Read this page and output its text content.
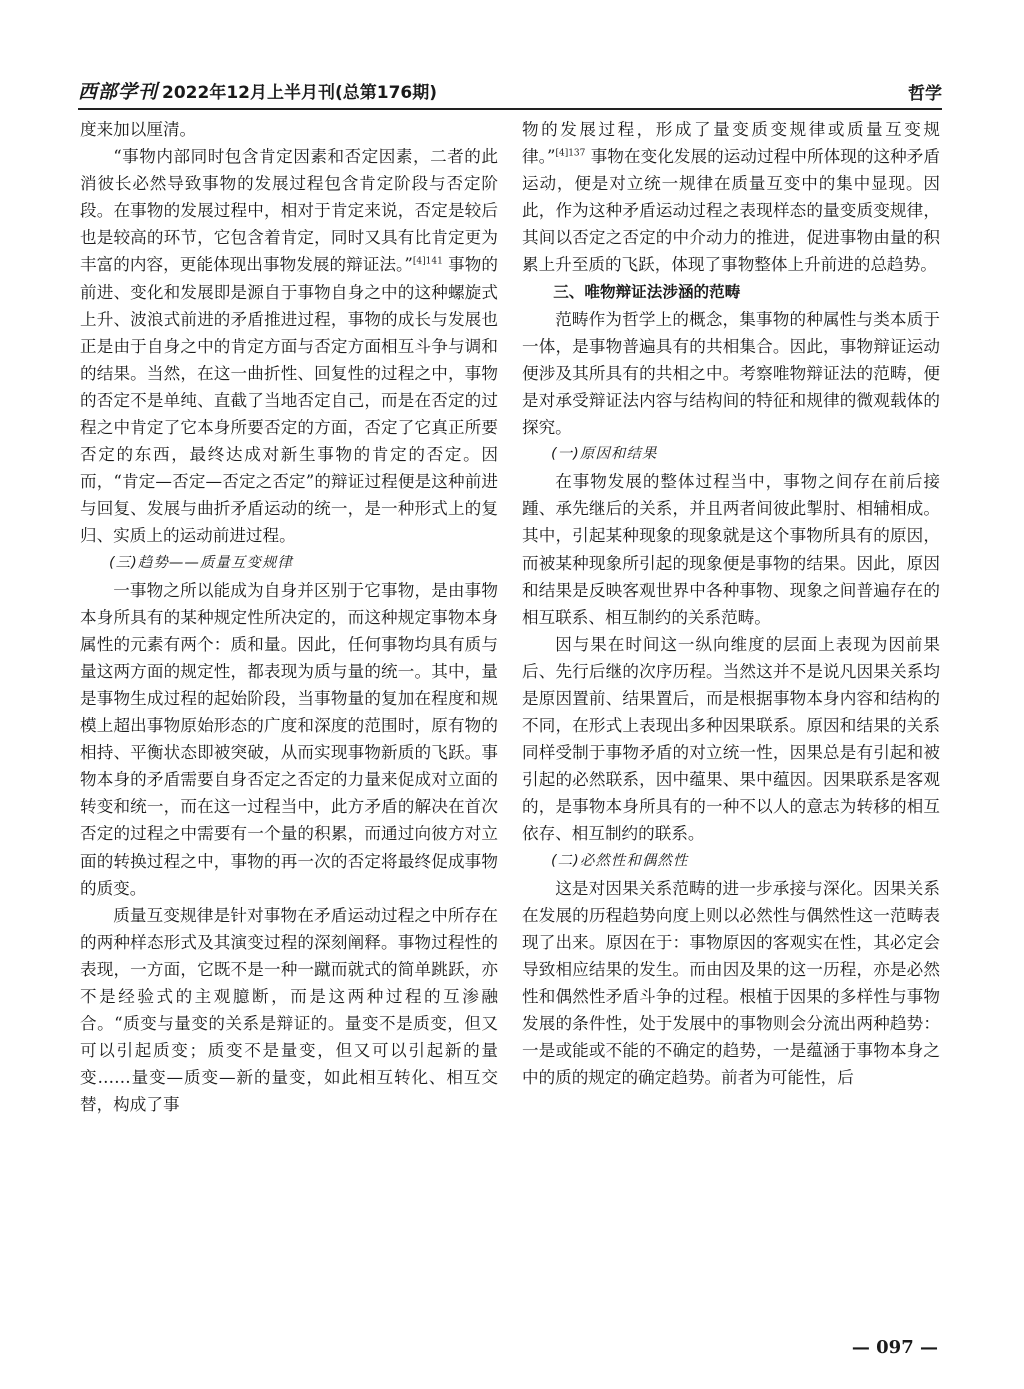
西部学刊 2022年12月上半月刊(总第176期)	哲学

度来加以厘清。

“事物内部同时包含肯定因素和否定因素，二者的此消彼长必然导致事物的发展过程包含肯定阶段与否定阶段。在事物的发展过程中，相对于肯定来说，否定是较后也是较高的环节，它包含着肯定，同时又具有比肯定更为丰富的内容，更能体现出事物发展的辩证法。”$^{[4]141}$ 事物的前进、变化和发展即是源自于事物自身之中的这种螺旋式上升、波浪式前进的矛盾推进过程，事物的成长与发展也正是由于自身之中的肯定方面与否定方面相互斗争与调和的结果。当然，在这一曲折性、回复性的过程之中，事物的否定不是单纯、直截了当地否定自己，而是在否定的过程之中肯定了它本身所要否定的方面，否定了它真正所要否定的东西，最终达成对新生事物的肯定的否定。因而，“肯定—否定—否定之否定”的辩证过程便是这种前进与回复、发展与曲折矛盾运动的统一，是一种形式上的复归、实质上的运动前进过程。

(三)趋势——质量互变规律

一事物之所以能成为自身并区别于它事物，是由事物本身所具有的某种规定性所决定的，而这种规定事物本身属性的元素有两个：质和量。因此，任何事物均具有质与量这两方面的规定性，都表现为质与量的统一。其中，量是事物生成过程的起始阶段，当事物量的复加在程度和规模上超出事物原始形态的广度和深度的范围时，原有物的相持、平衡状态即被突破，从而实现事物新质的飞跃。事物本身的矛盾需要自身否定之否定的力量来促成对立面的转变和统一，而在这一过程当中，此方矛盾的解决在首次否定的过程之中需要有一个量的积累，而通过向彼方对立面的转换过程之中，事物的再一次的否定将最终促成事物的质变。

质量互变规律是针对事物在矛盾运动过程之中所存在的两种样态形式及其演变过程的深刻阐释。事物过程性的表现，一方面，它既不是一种一蹴而就式的简单跳跃，亦不是经验式的主观臆断，而是这两种过程的互渗融合。“质变与量变的关系是辩证的。量变不是质变，但又可以引起质变；质变不是量变，但又可以引起新的量变……量变—质变—新的量变，如此相互转化、相互交替，构成了事

物的发展过程，形成了量变质变规律或质量互变规律。”$^{[4]137}$ 事物在变化发展的运动过程中所体现的这种矛盾运动，便是对立统一规律在质量互变中的集中显现。因此，作为这种矛盾运动过程之表现样态的量变质变规律，其间以否定之否定的中介动力的推进，促进事物由量的积累上升至质的飞跃，体现了事物整体上升前进的总趋势。

三、唯物辩证法涉涵的范畴

范畴作为哲学上的概念，集事物的种属性与类本质于一体，是事物普遍具有的共相集合。因此，事物辩证运动便涉及其所具有的共相之中。考察唯物辩证法的范畴，便是对承受辩证法内容与结构间的特征和规律的微观载体的探究。

(一)原因和结果

在事物发展的整体过程当中，事物之间存在前后接踵、承先继后的关系，并且两者间彼此掣肘、相辅相成。其中，引起某种现象的现象就是这个事物所具有的原因，而被某种现象所引起的现象便是事物的结果。因此，原因和结果是反映客观世界中各种事物、现象之间普遍存在的相互联系、相互制约的关系范畴。

因与果在时间这一纵向维度的层面上表现为因前果后、先行后继的次序历程。当然这并不是说凡因果关系均是原因置前、结果置后，而是根据事物本身内容和结构的不同，在形式上表现出多种因果联系。原因和结果的关系同样受制于事物矛盾的对立统一性，因果总是有引起和被引起的必然联系，因中蕴果、果中蕴因。因果联系是客观的，是事物本身所具有的一种不以人的意志为转移的相互依存、相互制约的联系。

(二)必然性和偶然性

这是对因果关系范畴的进一步承接与深化。因果关系在发展的历程趋势向度上则以必然性与偶然性这一范畴表现了出来。原因在于：事物原因的客观实在性，其必定会导致相应结果的发生。而由因及果的这一历程，亦是必然性和偶然性矛盾斗争的过程。根植于因果的多样性与事物发展的条件性，处于发展中的事物则会分流出两种趋势：一是或能或不能的不确定的趋势，一是蕴涵于事物本身之中的质的规定的确定趋势。前者为可能性，后

— 097 —
